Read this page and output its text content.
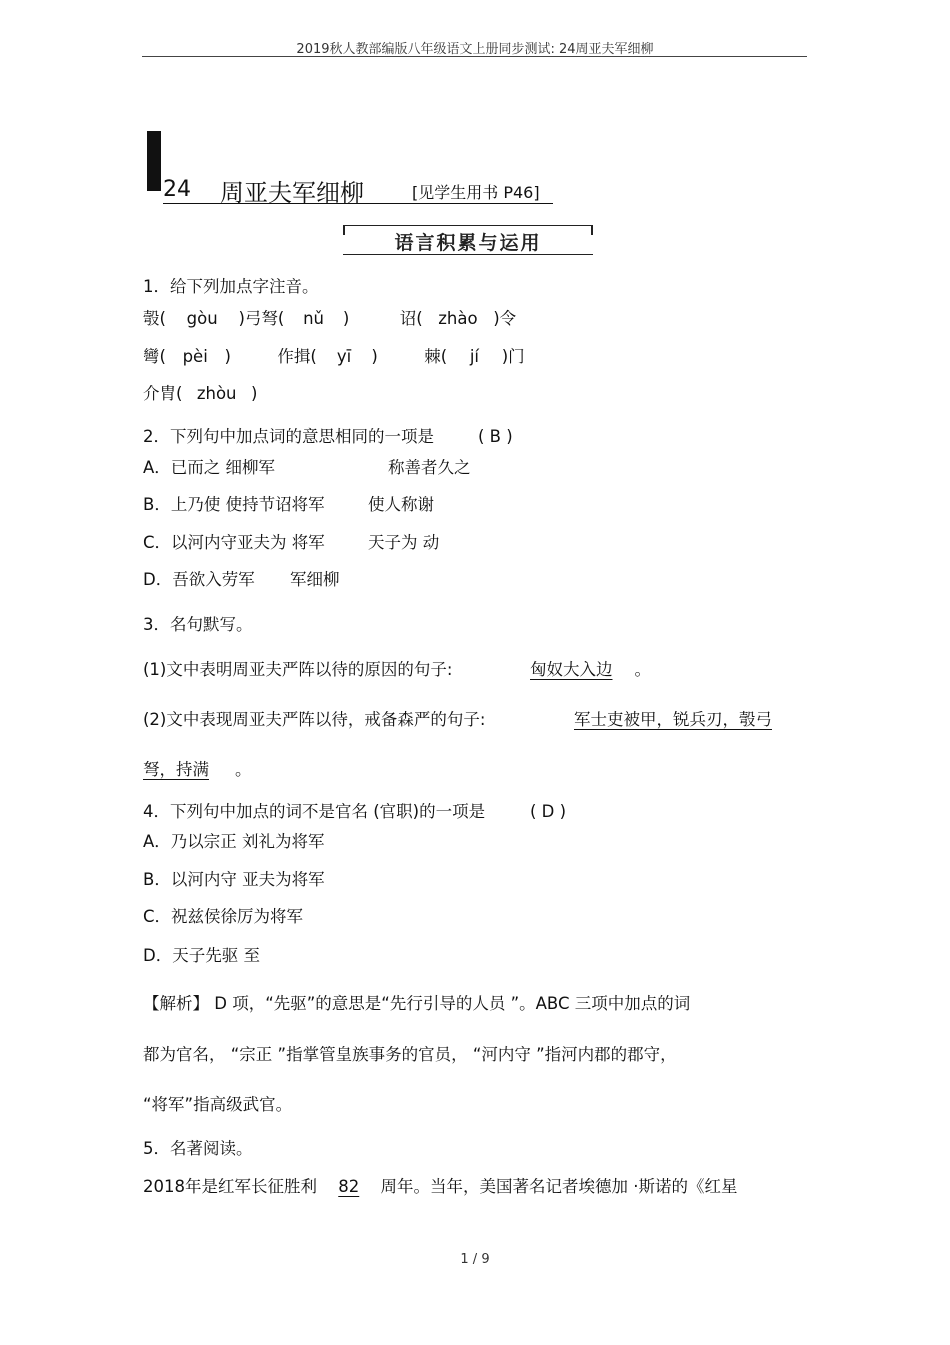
2019秋人教部编版八年级语文上册同步测试: 24周亚夫军细柳
24 周亚夫军细柳	[见学生用书 P46]
语言积累与运用
1．给下列加点字注音。
彀( gòu )弓弩( nǔ )	诏( zhào )令
彎( pèi )	作揖( yī )	棘( jí )门
介胄( zhòu )
2．下列句中加点词的意思相同的一项是	( B )
A．已而之 细柳军	称善者久之
B．上乃使 使持节诏将军	使人称谢
C．以河内守亚夫为 将军	天子为 动
D．吾欲入劳军 军细柳
3．名句默写。
(1)文中表明周亚夫严阵以待的原因的句子:	匈奴大入边 。
(2)文中表现周亚夫严阵以待，戒备森严的句子:	军士吏被甲，锐兵刃，彀弓
弩，持满 。
4．下列句中加点的词不是官名 (官职)的一项是	( D )
A．乃以宗正 刘礼为将军
B．以河内守 亚夫为将军
C．祝兹侯徐厉为将军
D．天子先驱 至
【解析】 D 项，“先驱”的意思是“先行引导的人员 ”。ABC 三项中加点的词
都为官名， “宗正 ”指掌管皇族事务的官员， “河内守 ”指河内郡的郡守，
“将军”指高级武官。
5．名著阅读。
2018年是红军长征胜利 82 周年。当年，美国著名记者埃德加 ·斯诺的《红星
1 / 9
